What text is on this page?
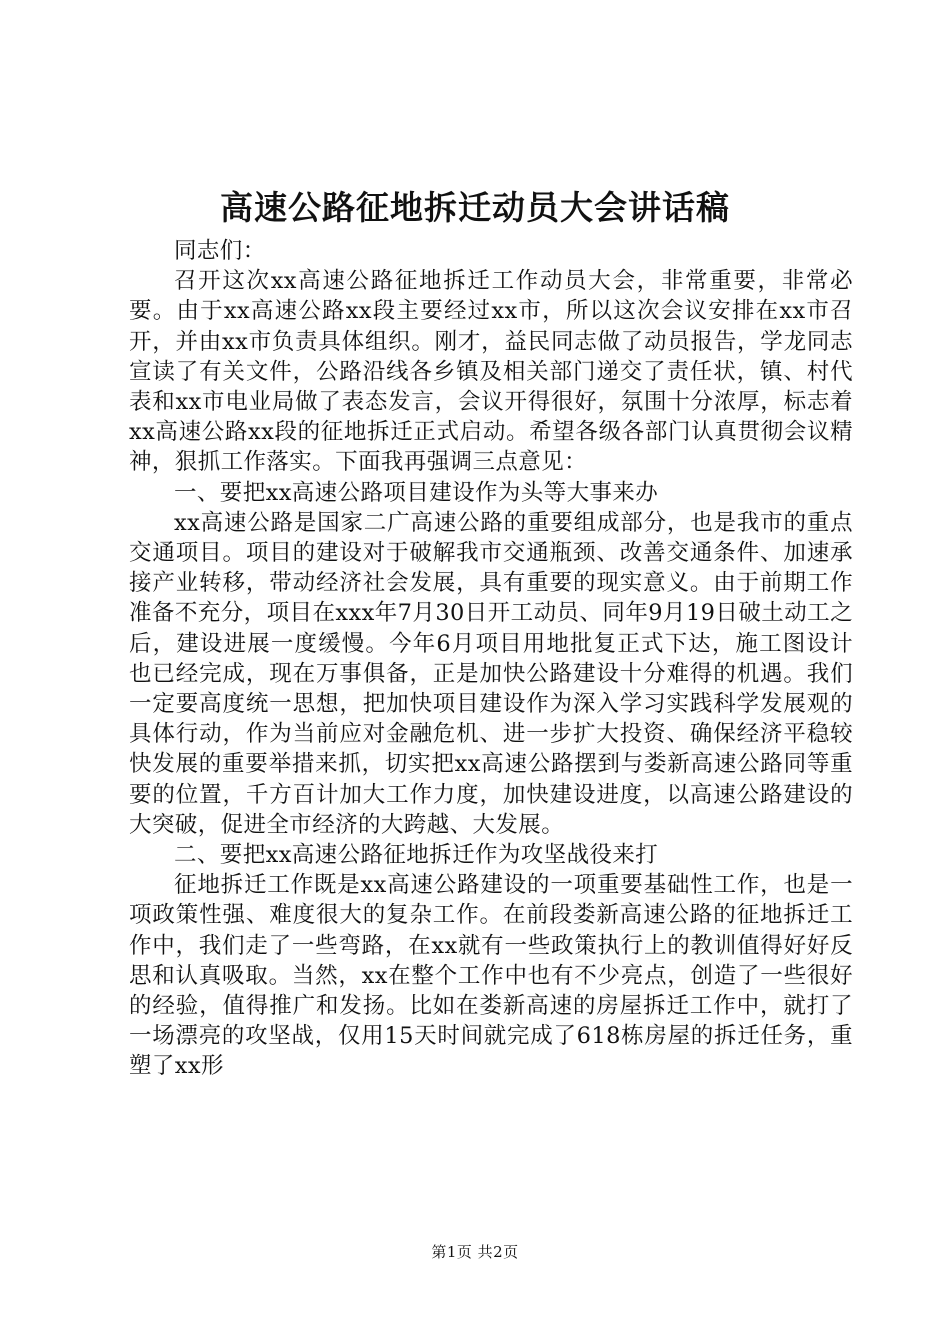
高速公路征地拆迁动员大会讲话稿

同志们：

召开这次xx高速公路征地拆迁工作动员大会，非常重要，非常必要。由于xx高速公路xx段主要经过xx市，所以这次会议安排在xx市召开，并由xx市负责具体组织。刚才，益民同志做了动员报告，学龙同志宣读了有关文件，公路沿线各乡镇及相关部门递交了责任状，镇、村代表和xx市电业局做了表态发言，会议开得很好，氛围十分浓厚，标志着xx高速公路xx段的征地拆迁正式启动。希望各级各部门认真贯彻会议精神，狠抓工作落实。下面我再强调三点意见：

一、要把xx高速公路项目建设作为头等大事来办

xx高速公路是国家二广高速公路的重要组成部分，也是我市的重点交通项目。项目的建设对于破解我市交通瓶颈、改善交通条件、加速承接产业转移，带动经济社会发展，具有重要的现实意义。由于前期工作准备不充分，项目在xxx年7月30日开工动员、同年9月19日破土动工之后，建设进展一度缓慢。今年6月项目用地批复正式下达，施工图设计也已经完成，现在万事俱备，正是加快公路建设十分难得的机遇。我们一定要高度统一思想，把加快项目建设作为深入学习实践科学发展观的具体行动，作为当前应对金融危机、进一步扩大投资、确保经济平稳较快发展的重要举措来抓，切实把xx高速公路摆到与娄新高速公路同等重要的位置，千方百计加大工作力度，加快建设进度，以高速公路建设的大突破，促进全市经济的大跨越、大发展。

二、要把xx高速公路征地拆迁作为攻坚战役来打

征地拆迁工作既是xx高速公路建设的一项重要基础性工作，也是一项政策性强、难度很大的复杂工作。在前段娄新高速公路的征地拆迁工作中，我们走了一些弯路，在xx就有一些政策执行上的教训值得好好反思和认真吸取。当然，xx在整个工作中也有不少亮点，创造了一些很好的经验，值得推广和发扬。比如在娄新高速的房屋拆迁工作中，就打了一场漂亮的攻坚战，仅用15天时间就完成了618栋房屋的拆迁任务，重塑了xx形

第1页 共2页
